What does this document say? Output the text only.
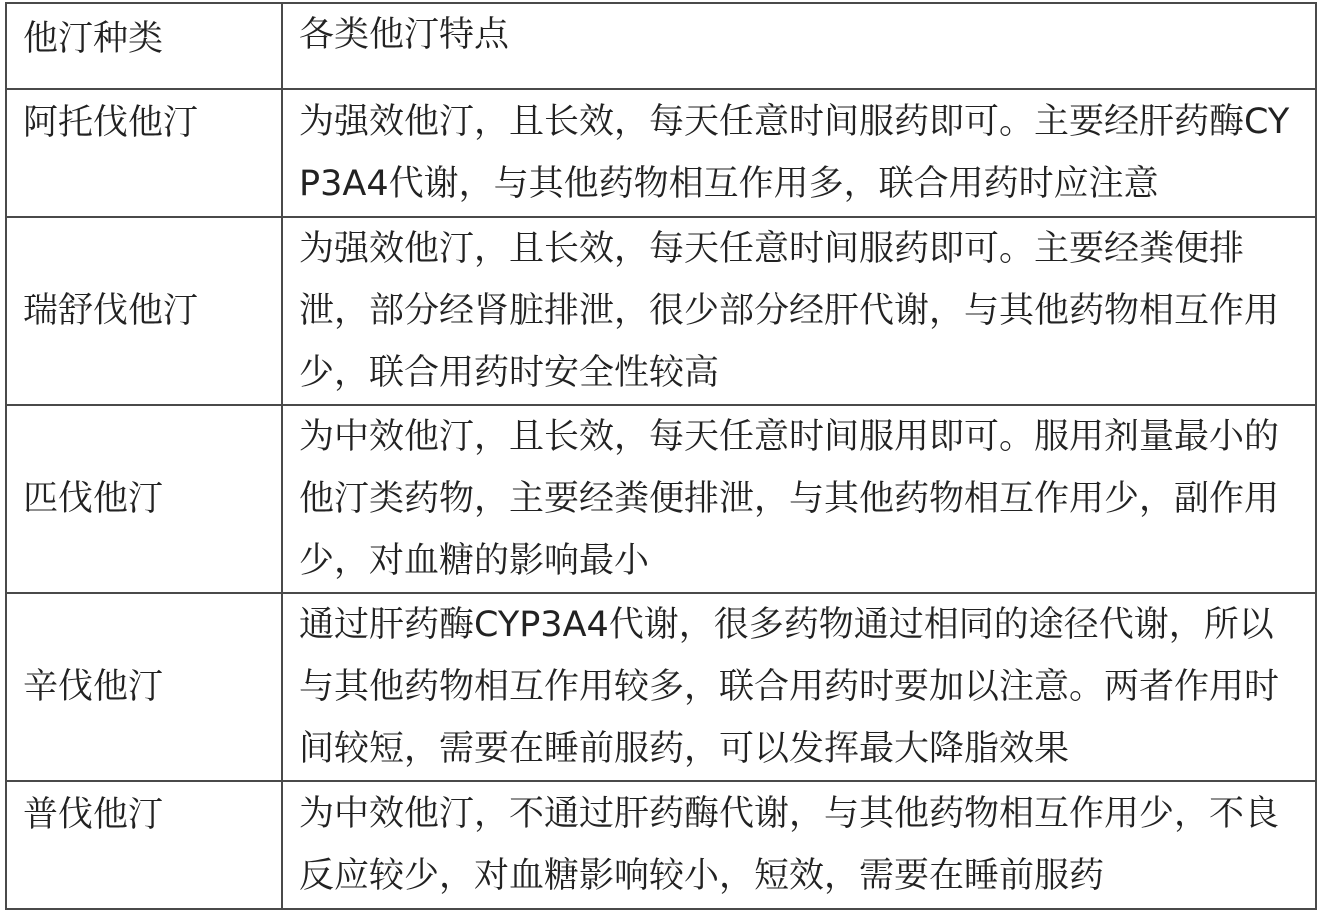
他汀种类	各类他汀特点
阿托伐他汀	为强效他汀，且长效，每天任意时间服药即可。主要经肝药酶CYP3A4代谢，与其他药物相互作用多，联合用药时应注意
瑞舒伐他汀	为强效他汀，且长效，每天任意时间服药即可。主要经粪便排泄，部分经肾脏排泄，很少部分经肝代谢，与其他药物相互作用少，联合用药时安全性较高
匹伐他汀	为中效他汀，且长效，每天任意时间服用即可。服用剂量最小的他汀类药物，主要经粪便排泄，与其他药物相互作用少，副作用少，对血糖的影响最小
辛伐他汀	通过肝药酶CYP3A4代谢，很多药物通过相同的途径代谢，所以与其他药物相互作用较多，联合用药时要加以注意。两者作用时间较短，需要在睡前服药，可以发挥最大降脂效果
普伐他汀	为中效他汀，不通过肝药酶代谢，与其他药物相互作用少，不良反应较少，对血糖影响较小，短效，需要在睡前服药
